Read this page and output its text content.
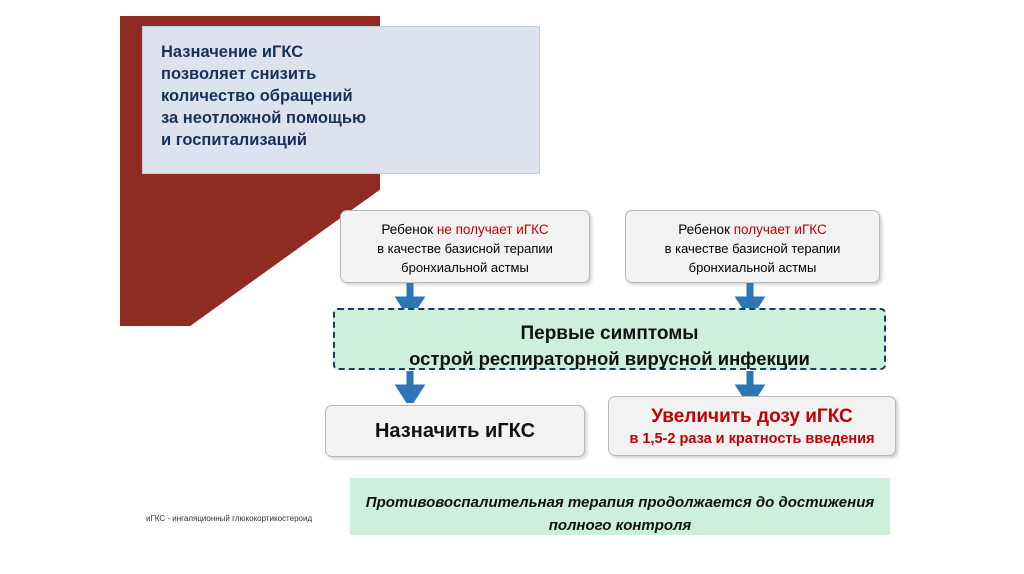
Назначение иГКС
позволяет снизить
количество обращений
за неотложной помощью
и госпитализаций
Ребенок не получает иГКС
в качестве базисной терапии
бронхиальной астмы
Ребенок получает иГКС
в качестве базисной терапии
бронхиальной астмы
Первые симптомы
острой респираторной вирусной инфекции
Назначить иГКС
Увеличить дозу иГКС
в 1,5-2 раза и кратность введения
Противовоспалительная терапия продолжается до достижения
полного контроля
иГКС - ингаляционный глюкокортикостероид
